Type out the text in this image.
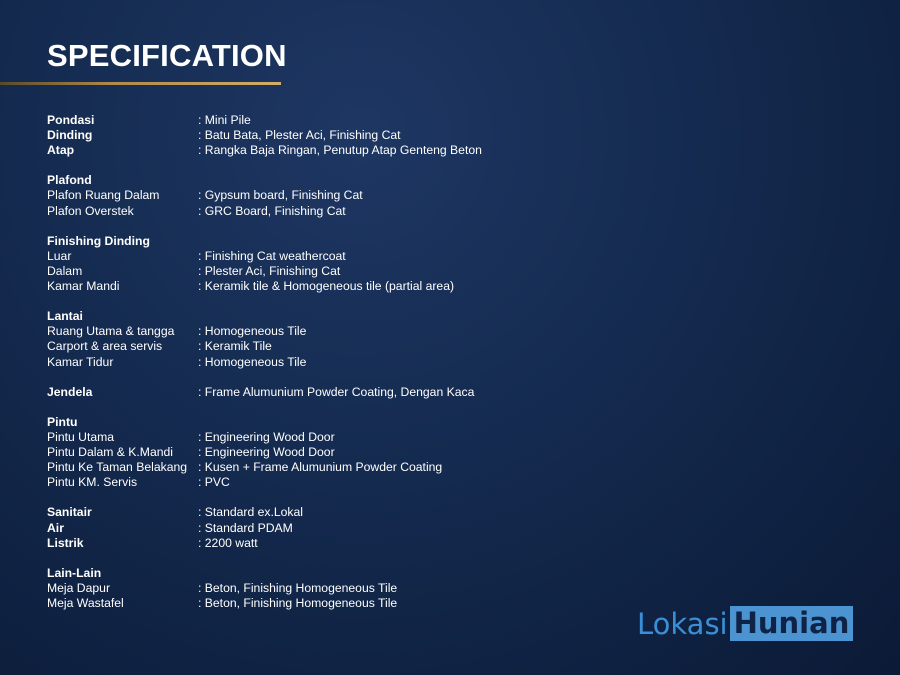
SPECIFICATION
Pondasi	: Mini Pile
Dinding	: Batu Bata, Plester Aci, Finishing Cat
Atap	: Rangka Baja Ringan, Penutup Atap Genteng Beton
Plafond
Plafon Ruang Dalam	: Gypsum board, Finishing Cat
Plafon Overstek	: GRC Board, Finishing Cat
Finishing Dinding
Luar	: Finishing Cat weathercoat
Dalam	: Plester Aci, Finishing Cat
Kamar Mandi	: Keramik tile & Homogeneous tile (partial area)
Lantai
Ruang Utama & tangga	: Homogeneous Tile
Carport & area servis	: Keramik Tile
Kamar Tidur	: Homogeneous Tile
Jendela	: Frame Alumunium Powder Coating, Dengan Kaca
Pintu
Pintu Utama	: Engineering Wood Door
Pintu Dalam & K.Mandi	: Engineering Wood Door
Pintu Ke Taman Belakang : Kusen + Frame Alumunium Powder Coating
Pintu KM. Servis	: PVC
Sanitair	: Standard ex.Lokal
Air	: Standard PDAM
Listrik	: 2200 watt
Lain-Lain
Meja Dapur	: Beton, Finishing Homogeneous Tile
Meja Wastafel	: Beton, Finishing Homogeneous Tile
Lokasi Hunian
